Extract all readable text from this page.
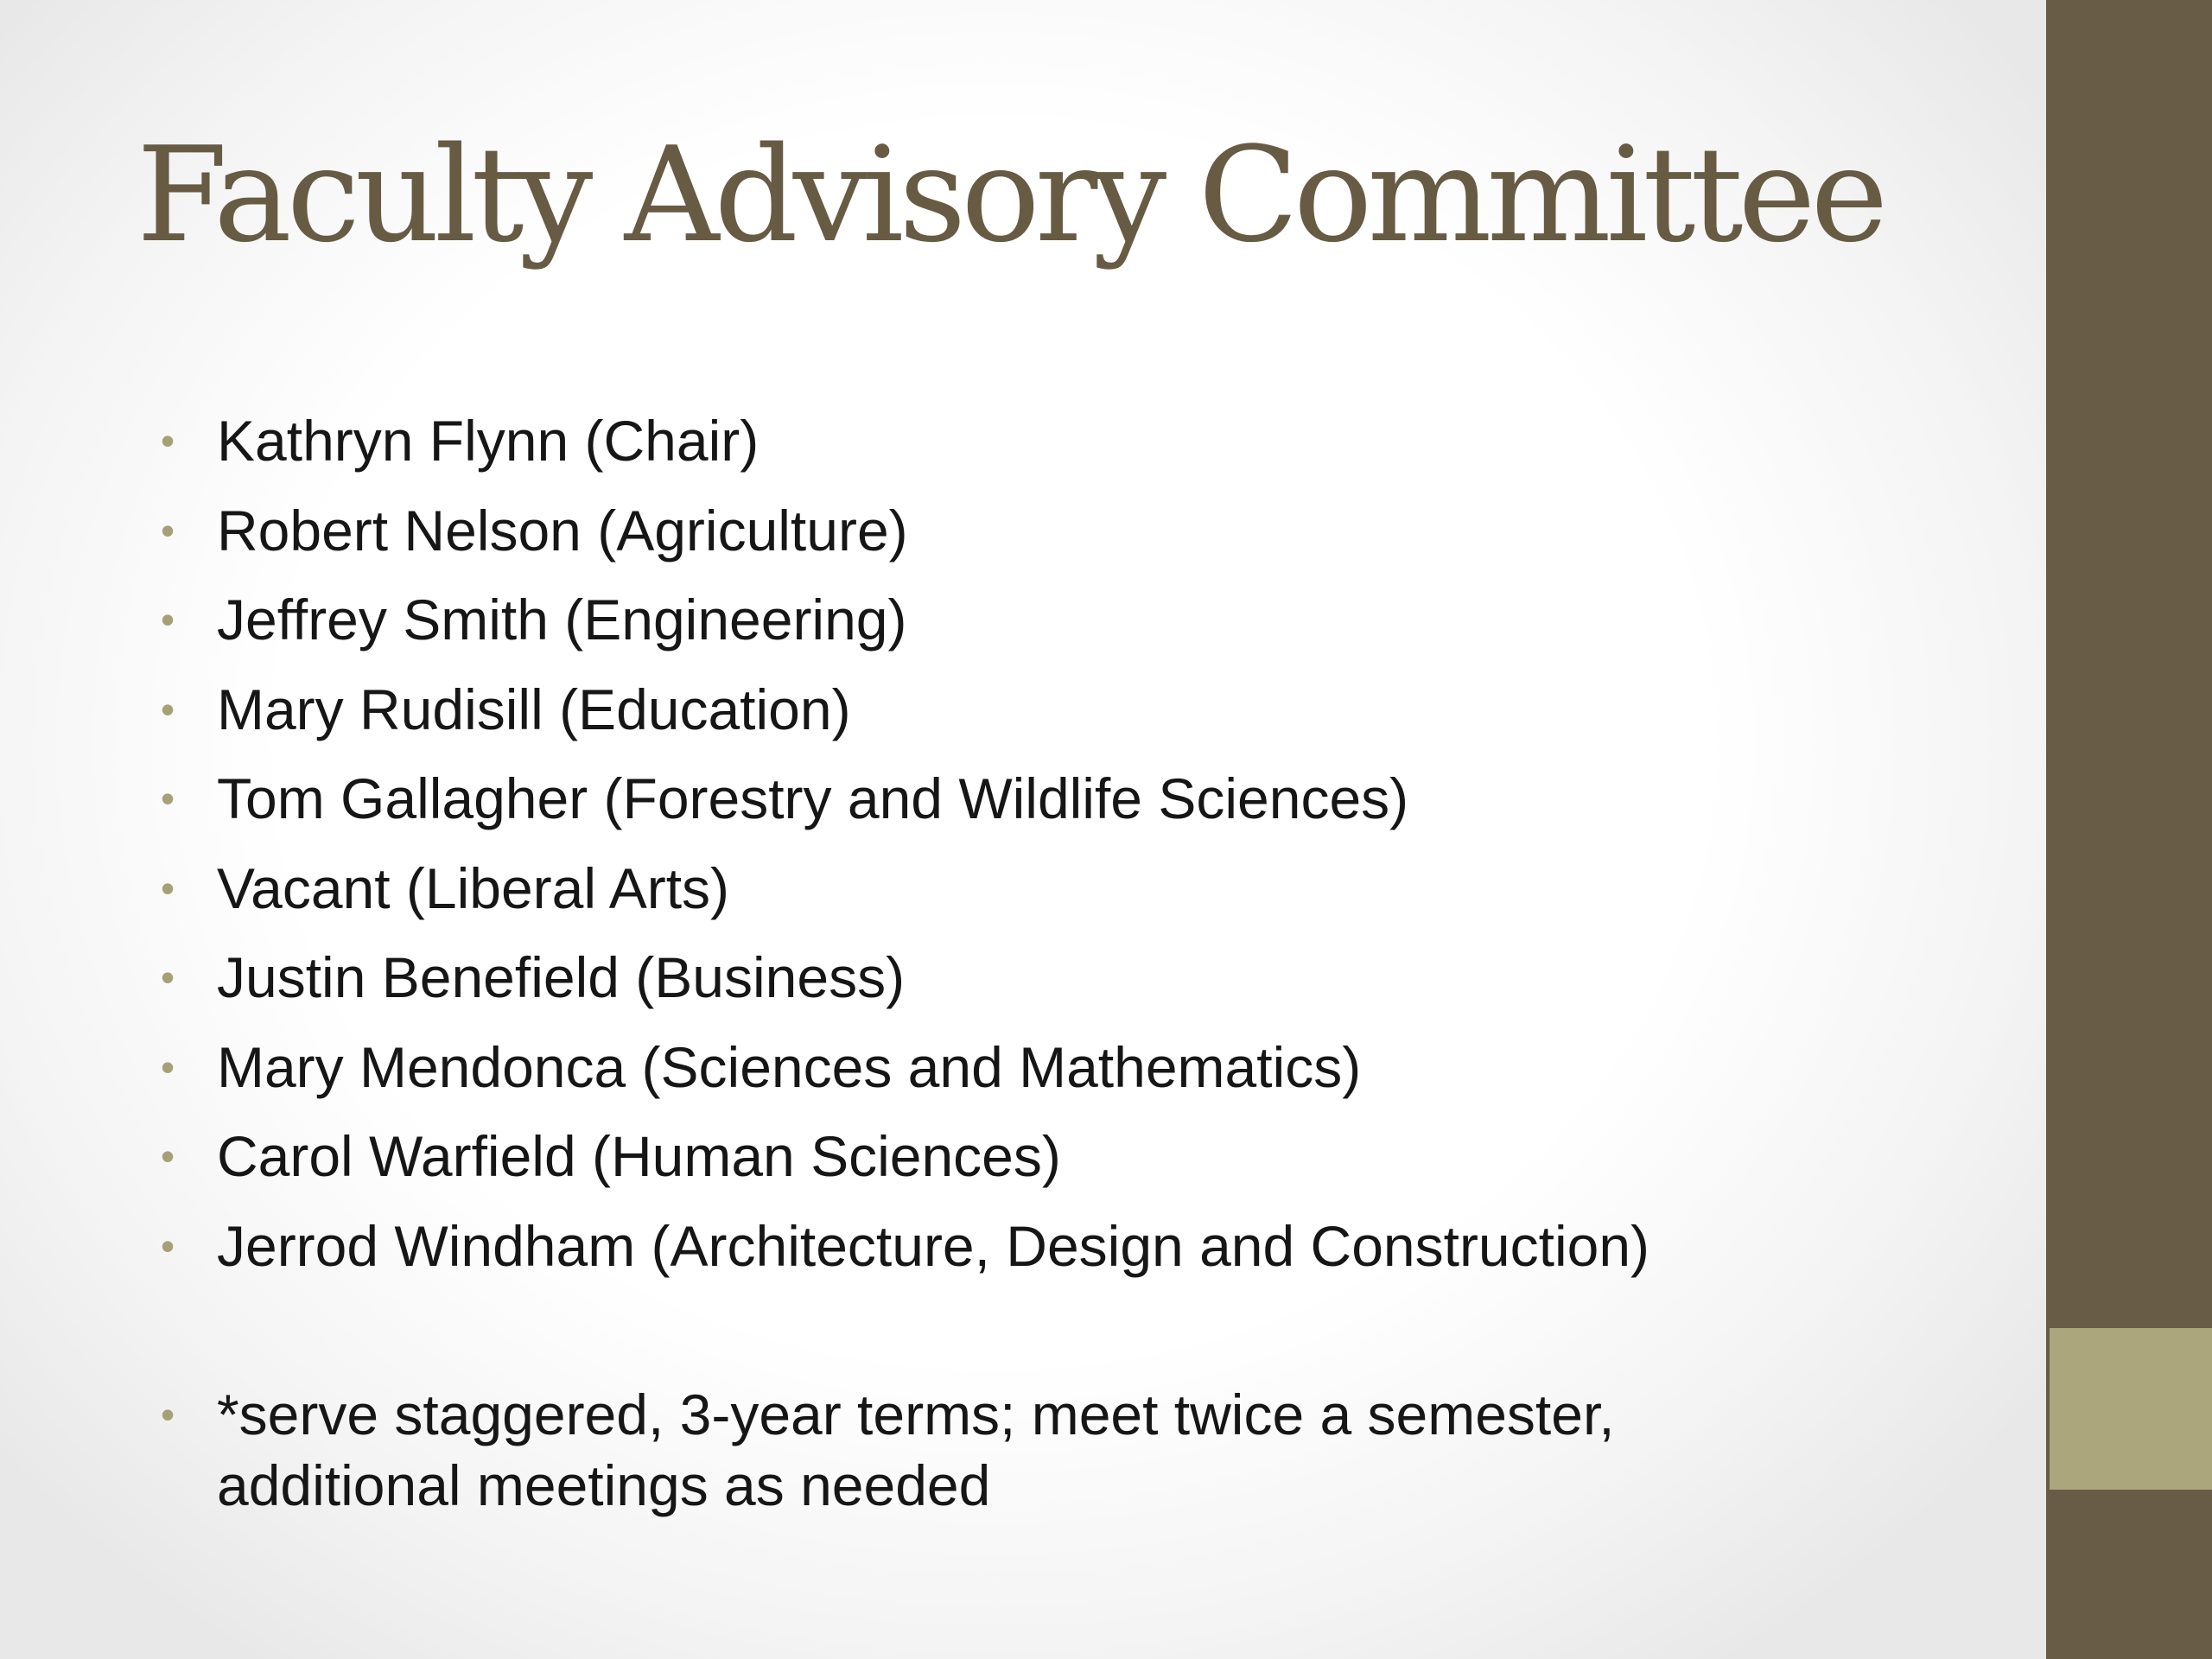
Faculty Advisory Committee
• Kathryn Flynn (Chair)
• Robert Nelson (Agriculture)
• Jeffrey Smith (Engineering)
• Mary Rudisill (Education)
• Tom Gallagher (Forestry and Wildlife Sciences)
• Vacant (Liberal Arts)
• Justin Benefield (Business)
• Mary Mendonca (Sciences and Mathematics)
• Carol Warfield (Human Sciences)
• Jerrod Windham (Architecture, Design and Construction)
• *serve staggered, 3-year terms; meet twice a semester,
additional meetings as needed
